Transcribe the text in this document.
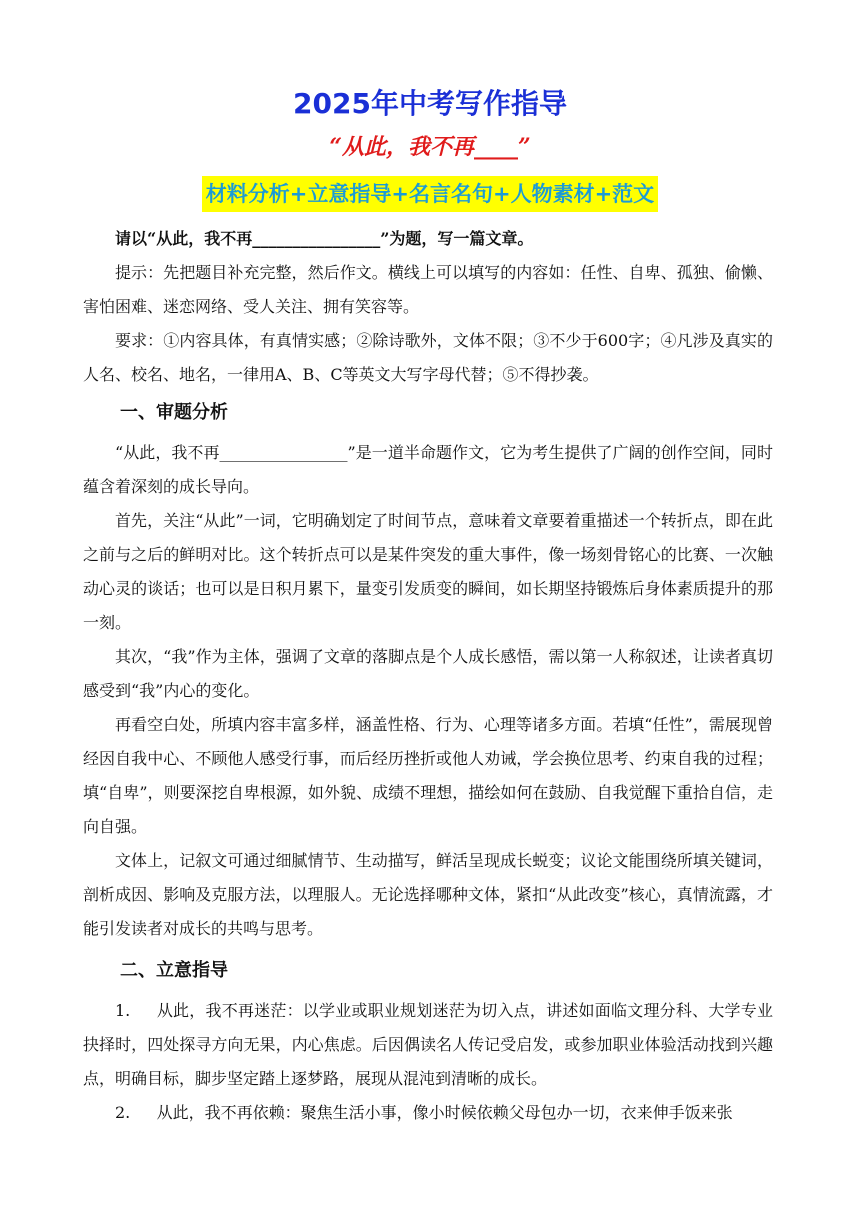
2025年中考写作指导
“从此，我不再____”
材料分析+立意指导+名言名句+人物素材+范文

请以“从此，我不再________________”为题，写一篇文章。

提示：先把题目补充完整，然后作文。横线上可以填写的内容如：任性、自卑、孤独、偷懒、害怕困难、迷恋网络、受人关注、拥有笑容等。

要求：①内容具体，有真情实感；②除诗歌外，文体不限；③不少于600字；④凡涉及真实的人名、校名、地名，一律用A、B、C等英文大写字母代替；⑤不得抄袭。

一、审题分析

“从此，我不再________________”是一道半命题作文，它为考生提供了广阔的创作空间，同时蕴含着深刻的成长导向。

首先，关注“从此”一词，它明确划定了时间节点，意味着文章要着重描述一个转折点，即在此之前与之后的鲜明对比。这个转折点可以是某件突发的重大事件，像一场刻骨铭心的比赛、一次触动心灵的谈话；也可以是日积月累下，量变引发质变的瞬间，如长期坚持锻炼后身体素质提升的那一刻。

其次，“我”作为主体，强调了文章的落脚点是个人成长感悟，需以第一人称叙述，让读者真切感受到“我”内心的变化。

再看空白处，所填内容丰富多样，涵盖性格、行为、心理等诸多方面。若填“任性”，需展现曾经因自我中心、不顾他人感受行事，而后经历挫折或他人劝诫，学会换位思考、约束自我的过程；填“自卑”，则要深挖自卑根源，如外貌、成绩不理想，描绘如何在鼓励、自我觉醒下重拾自信，走向自强。

文体上，记叙文可通过细腻情节、生动描写，鲜活呈现成长蜕变；议论文能围绕所填关键词，剖析成因、影响及克服方法，以理服人。无论选择哪种文体，紧扣“从此改变”核心，真情流露，才能引发读者对成长的共鸣与思考。

二、立意指导

1. 从此，我不再迷茫：以学业或职业规划迷茫为切入点，讲述如面临文理分科、大学专业抉择时，四处探寻方向无果，内心焦虑。后因偶读名人传记受启发，或参加职业体验活动找到兴趣点，明确目标，脚步坚定踏上逐梦路，展现从混沌到清晰的成长。

2. 从此，我不再依赖：聚焦生活小事，像小时候依赖父母包办一切，衣来伸手饭来张
